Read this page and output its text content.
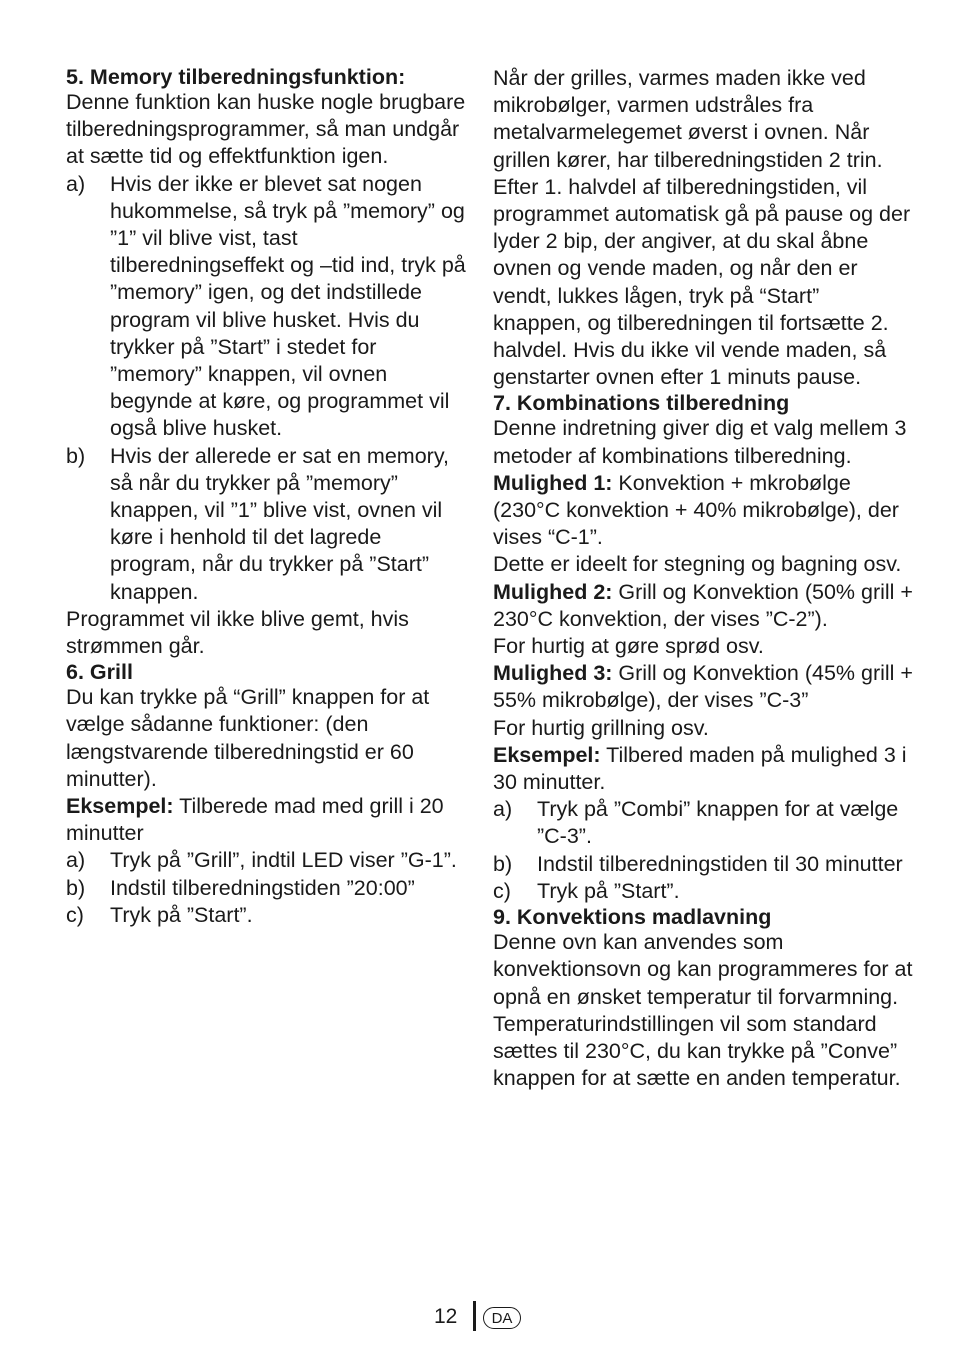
5. Memory tilberedningsfunktion:

Denne funktion kan huske nogle brugbare tilberedningsprogrammer, så man undgår at sætte tid og effektfunktion igen.

a) Hvis der ikke er blevet sat nogen hukommelse, så tryk på ”memory” og ”1” vil blive vist, tast tilberedningseffekt og –tid ind, tryk på ”memory” igen, og det indstillede program vil blive husket. Hvis du trykker på ”Start” i stedet for ”memory” knappen, vil ovnen begynde at køre, og programmet vil også blive husket.
b) Hvis der allerede er sat en memory, så når du trykker på ”memory” knappen, vil ”1” blive vist, ovnen vil køre i henhold til det lagrede program, når du trykker på ”Start” knappen.

Programmet vil ikke blive gemt, hvis strømmen går.

6. Grill

Du kan trykke på “Grill” knappen for at vælge sådanne funktioner: (den længstvarende tilberedningstid er 60 minutter).

Eksempel: Tilberede mad med grill i 20 minutter

a) Tryk på ”Grill”, indtil LED viser ”G-1”.
b) Indstil tilberedningstiden ”20:00”
c) Tryk på ”Start”.

Når der grilles, varmes maden ikke ved mikrobølger, varmen udstråles fra metalvarmelegemet øverst i ovnen. Når grillen kører, har tilberedningstiden 2 trin. Efter 1. halvdel af tilberedningstiden, vil programmet automatisk gå på pause og der lyder 2 bip, der angiver, at du skal åbne ovnen og vende maden, og når den er vendt, lukkes lågen, tryk på “Start” knappen, og tilberedningen til fortsætte 2. halvdel. Hvis du ikke vil vende maden, så genstarter ovnen efter 1 minuts pause.

7. Kombinations tilberedning

Denne indretning giver dig et valg mellem 3 metoder af kombinations tilberedning.

Mulighed 1: Konvektion + mkrobølge (230°C konvektion + 40% mikrobølge), der vises “C-1”.

Dette er ideelt for stegning og bagning osv.

Mulighed 2: Grill og Konvektion (50% grill + 230°C konvektion, der vises ”C-2”).

For hurtig at gøre sprød osv.

Mulighed 3: Grill og Konvektion (45% grill + 55% mikrobølge), der vises ”C-3”

For hurtig grillning osv.

Eksempel: Tilbered maden på mulighed 3 i 30 minutter.

a) Tryk på ”Combi” knappen for at vælge ”C-3”.
b) Indstil tilberedningstiden til 30 minutter
c) Tryk på ”Start”.

9. Konvektions madlavning

Denne ovn kan anvendes som konvektionsovn og kan programmeres for at opnå en ønsket temperatur til forvarmning. Temperaturindstillingen vil som standard sættes til 230°C, du kan trykke på ”Conve” knappen for at sætte en anden temperatur.

12	DA
